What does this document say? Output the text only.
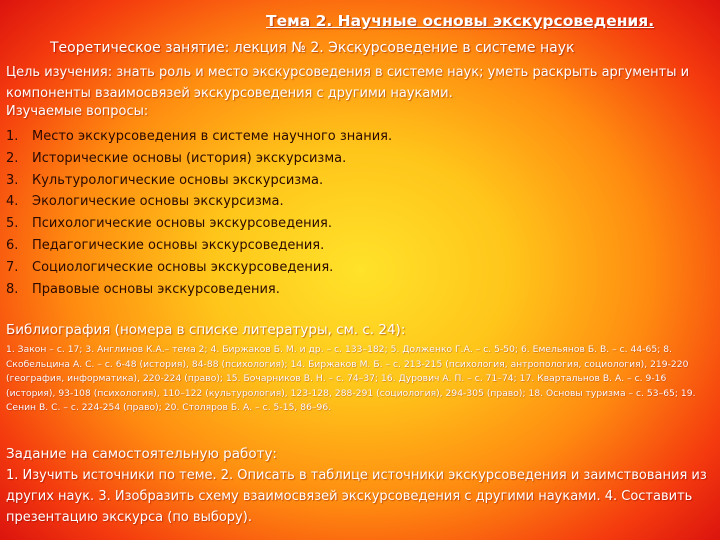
Тема 2. Научные основы экскурсоведения.
Теоретическое занятие: лекция № 2. Экскурсоведение в системе наук
Цель изучения: знать роль и место экскурсоведения в системе наук; уметь раскрыть аргументы и компоненты взаимосвязей экскурсоведения с другими науками.
Изучаемые вопросы:
1. Место экскурсоведения в системе научного знания.
2. Исторические основы (история) экскурсизма.
3. Культурологические основы экскурсизма.
4. Экологические основы экскурсизма.
5. Психологические основы экскурсоведения.
6. Педагогические основы экскурсоведения.
7. Социологические основы экскурсоведения.
8. Правовые основы экскурсоведения.
Библиография (номера в списке литературы, см. с. 24):
1. Закон – с. 17; 3. Англинов К.А.– тема 2; 4. Биржаков Б. М. и др. – с. 133–182; 5. Долженко Г.А. – с. 5-50; 6. Емельянов Б. В. – с. 44-65; 8. Скобельцина А. С. – с. 6-48 (история), 84-88 (психология); 14. Биржаков М. Б. – с. 213-215 (психология, антропология, социология), 219-220 (география, информатика), 220-224 (право); 15. Бочарников В. Н. – с. 74–37; 16. Дурович А. П. – с. 71–74; 17. Квартальнов В. А. – с. 9-16 (история), 93-108 (психология), 110–122 (культурология), 123-128, 288-291 (социология), 294-305 (право); 18. Основы туризма – с. 53–65; 19. Сенин В. С. – с. 224-254 (право); 20. Столяров Б. А. – с. 5-15, 86–96.
Задание на самостоятельную работу:
1. Изучить источники по теме. 2. Описать в таблице источники экскурсоведения и заимствования из других наук. 3. Изобразить схему взаимосвязей экскурсоведения с другими науками. 4. Составить презентацию экскурса (по выбору).
